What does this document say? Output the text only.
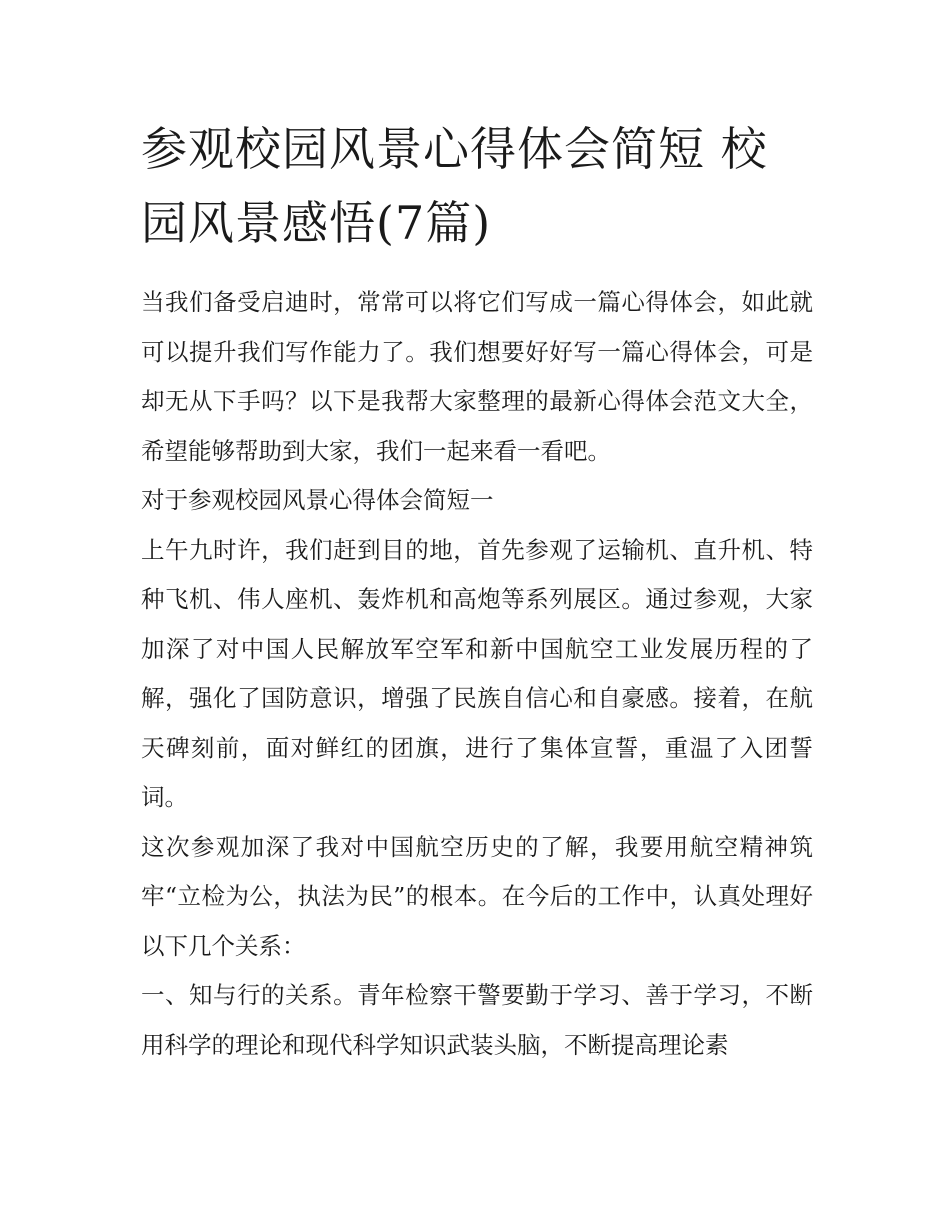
参观校园风景心得体会简短 校园风景感悟(7篇)

当我们备受启迪时，常常可以将它们写成一篇心得体会，如此就可以提升我们写作能力了。我们想要好好写一篇心得体会，可是却无从下手吗？以下是我帮大家整理的最新心得体会范文大全，希望能够帮助到大家，我们一起来看一看吧。

对于参观校园风景心得体会简短一

上午九时许，我们赶到目的地，首先参观了运输机、直升机、特种飞机、伟人座机、轰炸机和高炮等系列展区。通过参观，大家加深了对中国人民解放军空军和新中国航空工业发展历程的了解，强化了国防意识，增强了民族自信心和自豪感。接着，在航天碑刻前，面对鲜红的团旗，进行了集体宣誓，重温了入团誓词。

这次参观加深了我对中国航空历史的了解，我要用航空精神筑牢“立检为公，执法为民”的根本。在今后的工作中，认真处理好以下几个关系：

一、知与行的关系。青年检察干警要勤于学习、善于学习，不断用科学的理论和现代科学知识武装头脑，不断提高理论素
